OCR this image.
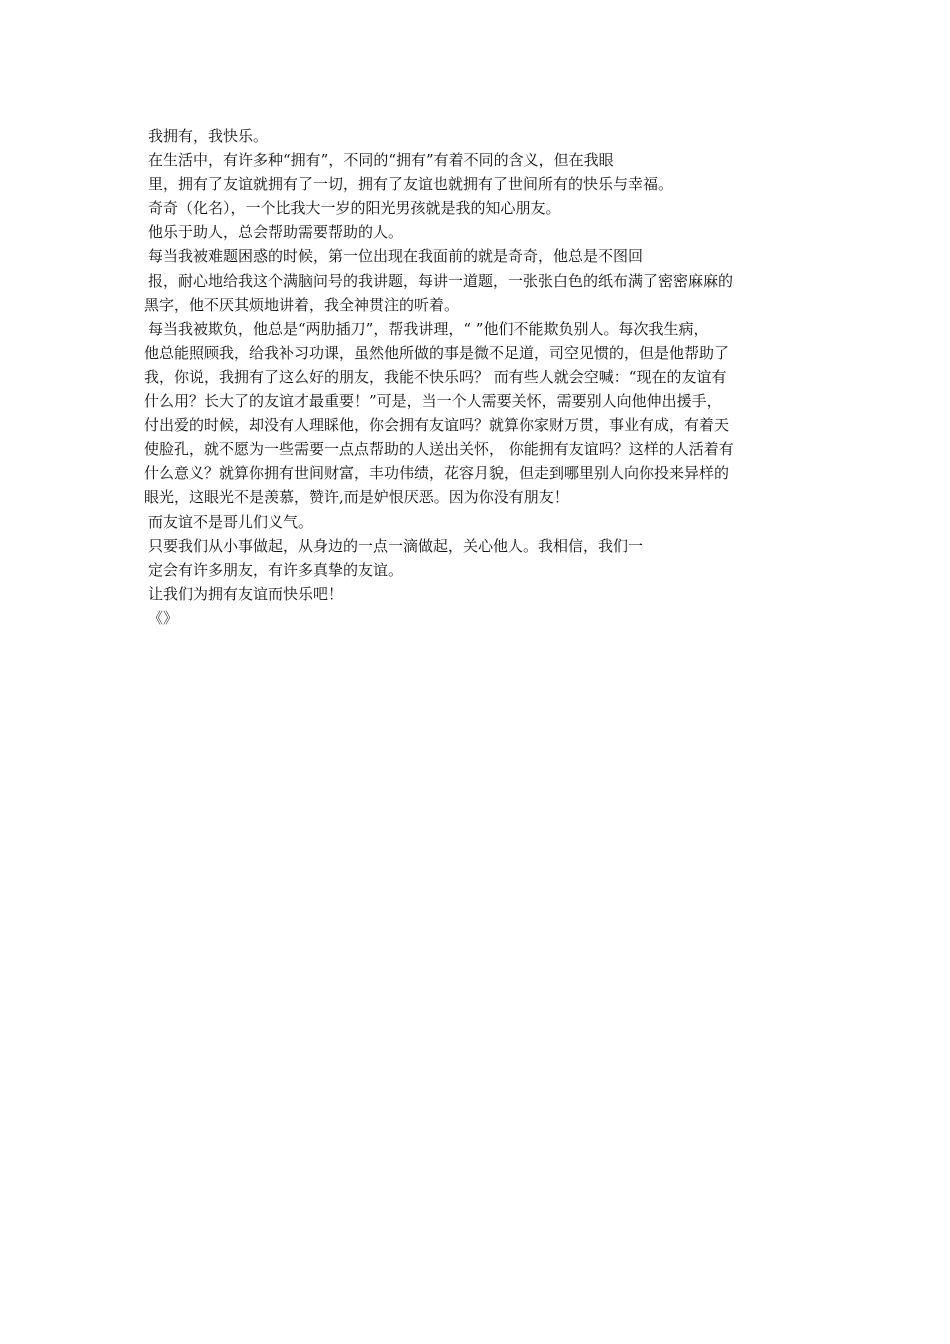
我拥有，我快乐。
在生活中，有许多种“拥有”，不同的“拥有”有着不同的含义，但在我眼
里，拥有了友谊就拥有了一切，拥有了友谊也就拥有了世间所有的快乐与幸福。
奇奇（化名），一个比我大一岁的阳光男孩就是我的知心朋友。
他乐于助人，总会帮助需要帮助的人。
每当我被难题困惑的时候，第一位出现在我面前的就是奇奇，他总是不图回
报，耐心地给我这个满脑问号的我讲题，每讲一道题，一张张白色的纸布满了密密麻麻的
黑字，他不厌其烦地讲着，我全神贯注的听着。
每当我被欺负，他总是“两肋插刀”，帮我讲理，“ ”他们不能欺负别人。每次我生病，
他总能照顾我，给我补习功课，虽然他所做的事是微不足道，司空见惯的，但是他帮助了
我，你说，我拥有了这么好的朋友，我能不快乐吗？ 而有些人就会空喊：“现在的友谊有
什么用？长大了的友谊才最重要！”可是，当一个人需要关怀，需要别人向他伸出援手，
付出爱的时候，却没有人理睬他，你会拥有友谊吗？就算你家财万贯，事业有成，有着天
使脸孔，就不愿为一些需要一点点帮助的人送出关怀， 你能拥有友谊吗？这样的人活着有
什么意义？就算你拥有世间财富，丰功伟绩，花容月貌，但走到哪里别人向你投来异样的
眼光，这眼光不是羡慕，赞许,而是妒恨厌恶。因为你没有朋友！
而友谊不是哥儿们义气。
只要我们从小事做起，从身边的一点一滴做起，关心他人。我相信，我们一
定会有许多朋友，有许多真挚的友谊。
让我们为拥有友谊而快乐吧！
《》
